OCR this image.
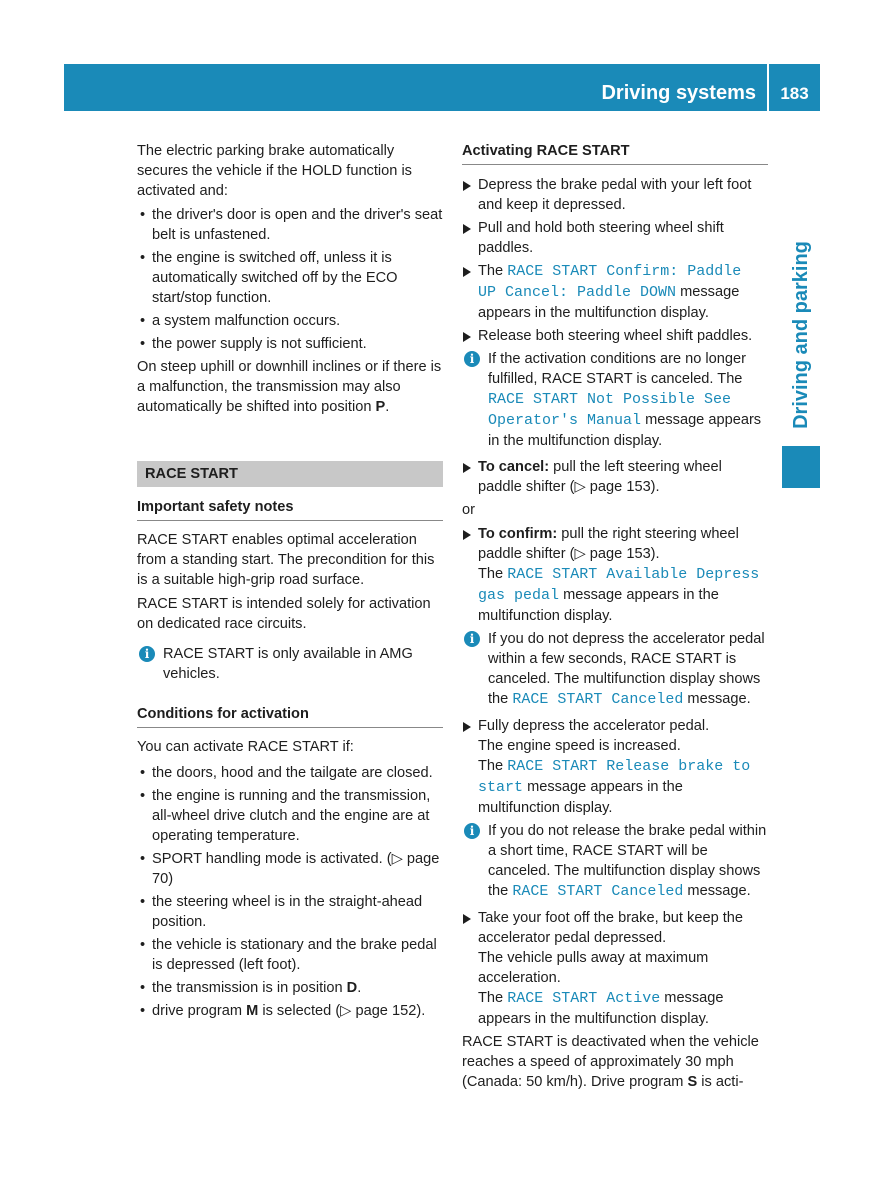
Driving systems	183
Driving and parking

The electric parking brake automatically secures the vehicle if the HOLD function is activated and:

• the driver's door is open and the driver's seat belt is unfastened.
• the engine is switched off, unless it is automatically switched off by the ECO start/stop function.
• a system malfunction occurs.
• the power supply is not sufficient.

On steep uphill or downhill inclines or if there is a malfunction, the transmission may also automatically be shifted into position P.

RACE START
Important safety notes

RACE START enables optimal acceleration from a standing start. The precondition for this is a suitable high-grip road surface.

RACE START is intended solely for activation on dedicated race circuits.

i RACE START is only available in AMG vehicles.
Conditions for activation

You can activate RACE START if:

• the doors, hood and the tailgate are closed.
• the engine is running and the transmission, all-wheel drive clutch and the engine are at operating temperature.
• SPORT handling mode is activated. (▷ page 70)
• the steering wheel is in the straight-ahead position.
• the vehicle is stationary and the brake pedal is depressed (left foot).
• the transmission is in position D.
• drive program M is selected (▷ page 152).
Activating RACE START
Depress the brake pedal with your left foot and keep it depressed.
Pull and hold both steering wheel shift paddles.
The RACE START Confirm: Paddle UP Cancel: Paddle DOWN message appears in the multifunction display.
Release both steering wheel shift paddles.
i If the activation conditions are no longer fulfilled, RACE START is canceled. The RACE START Not Possible See Operator's Manual message appears in the multifunction display.
To cancel: pull the left steering wheel paddle shifter (▷ page 153).

or

To confirm: pull the right steering wheel paddle shifter (▷ page 153).
The RACE START Available Depress gas pedal message appears in the multifunction display.
i If you do not depress the accelerator pedal within a few seconds, RACE START is canceled. The multifunction display shows the RACE START Canceled message.
Fully depress the accelerator pedal.
The engine speed is increased.
The RACE START Release brake to start message appears in the multifunction display.
i If you do not release the brake pedal within a short time, RACE START will be canceled. The multifunction display shows the RACE START Canceled message.
Take your foot off the brake, but keep the accelerator pedal depressed.
The vehicle pulls away at maximum acceleration.
The RACE START Active message appears in the multifunction display.

RACE START is deactivated when the vehicle reaches a speed of approximately 30 mph (Canada: 50 km/h). Drive program S is acti-
